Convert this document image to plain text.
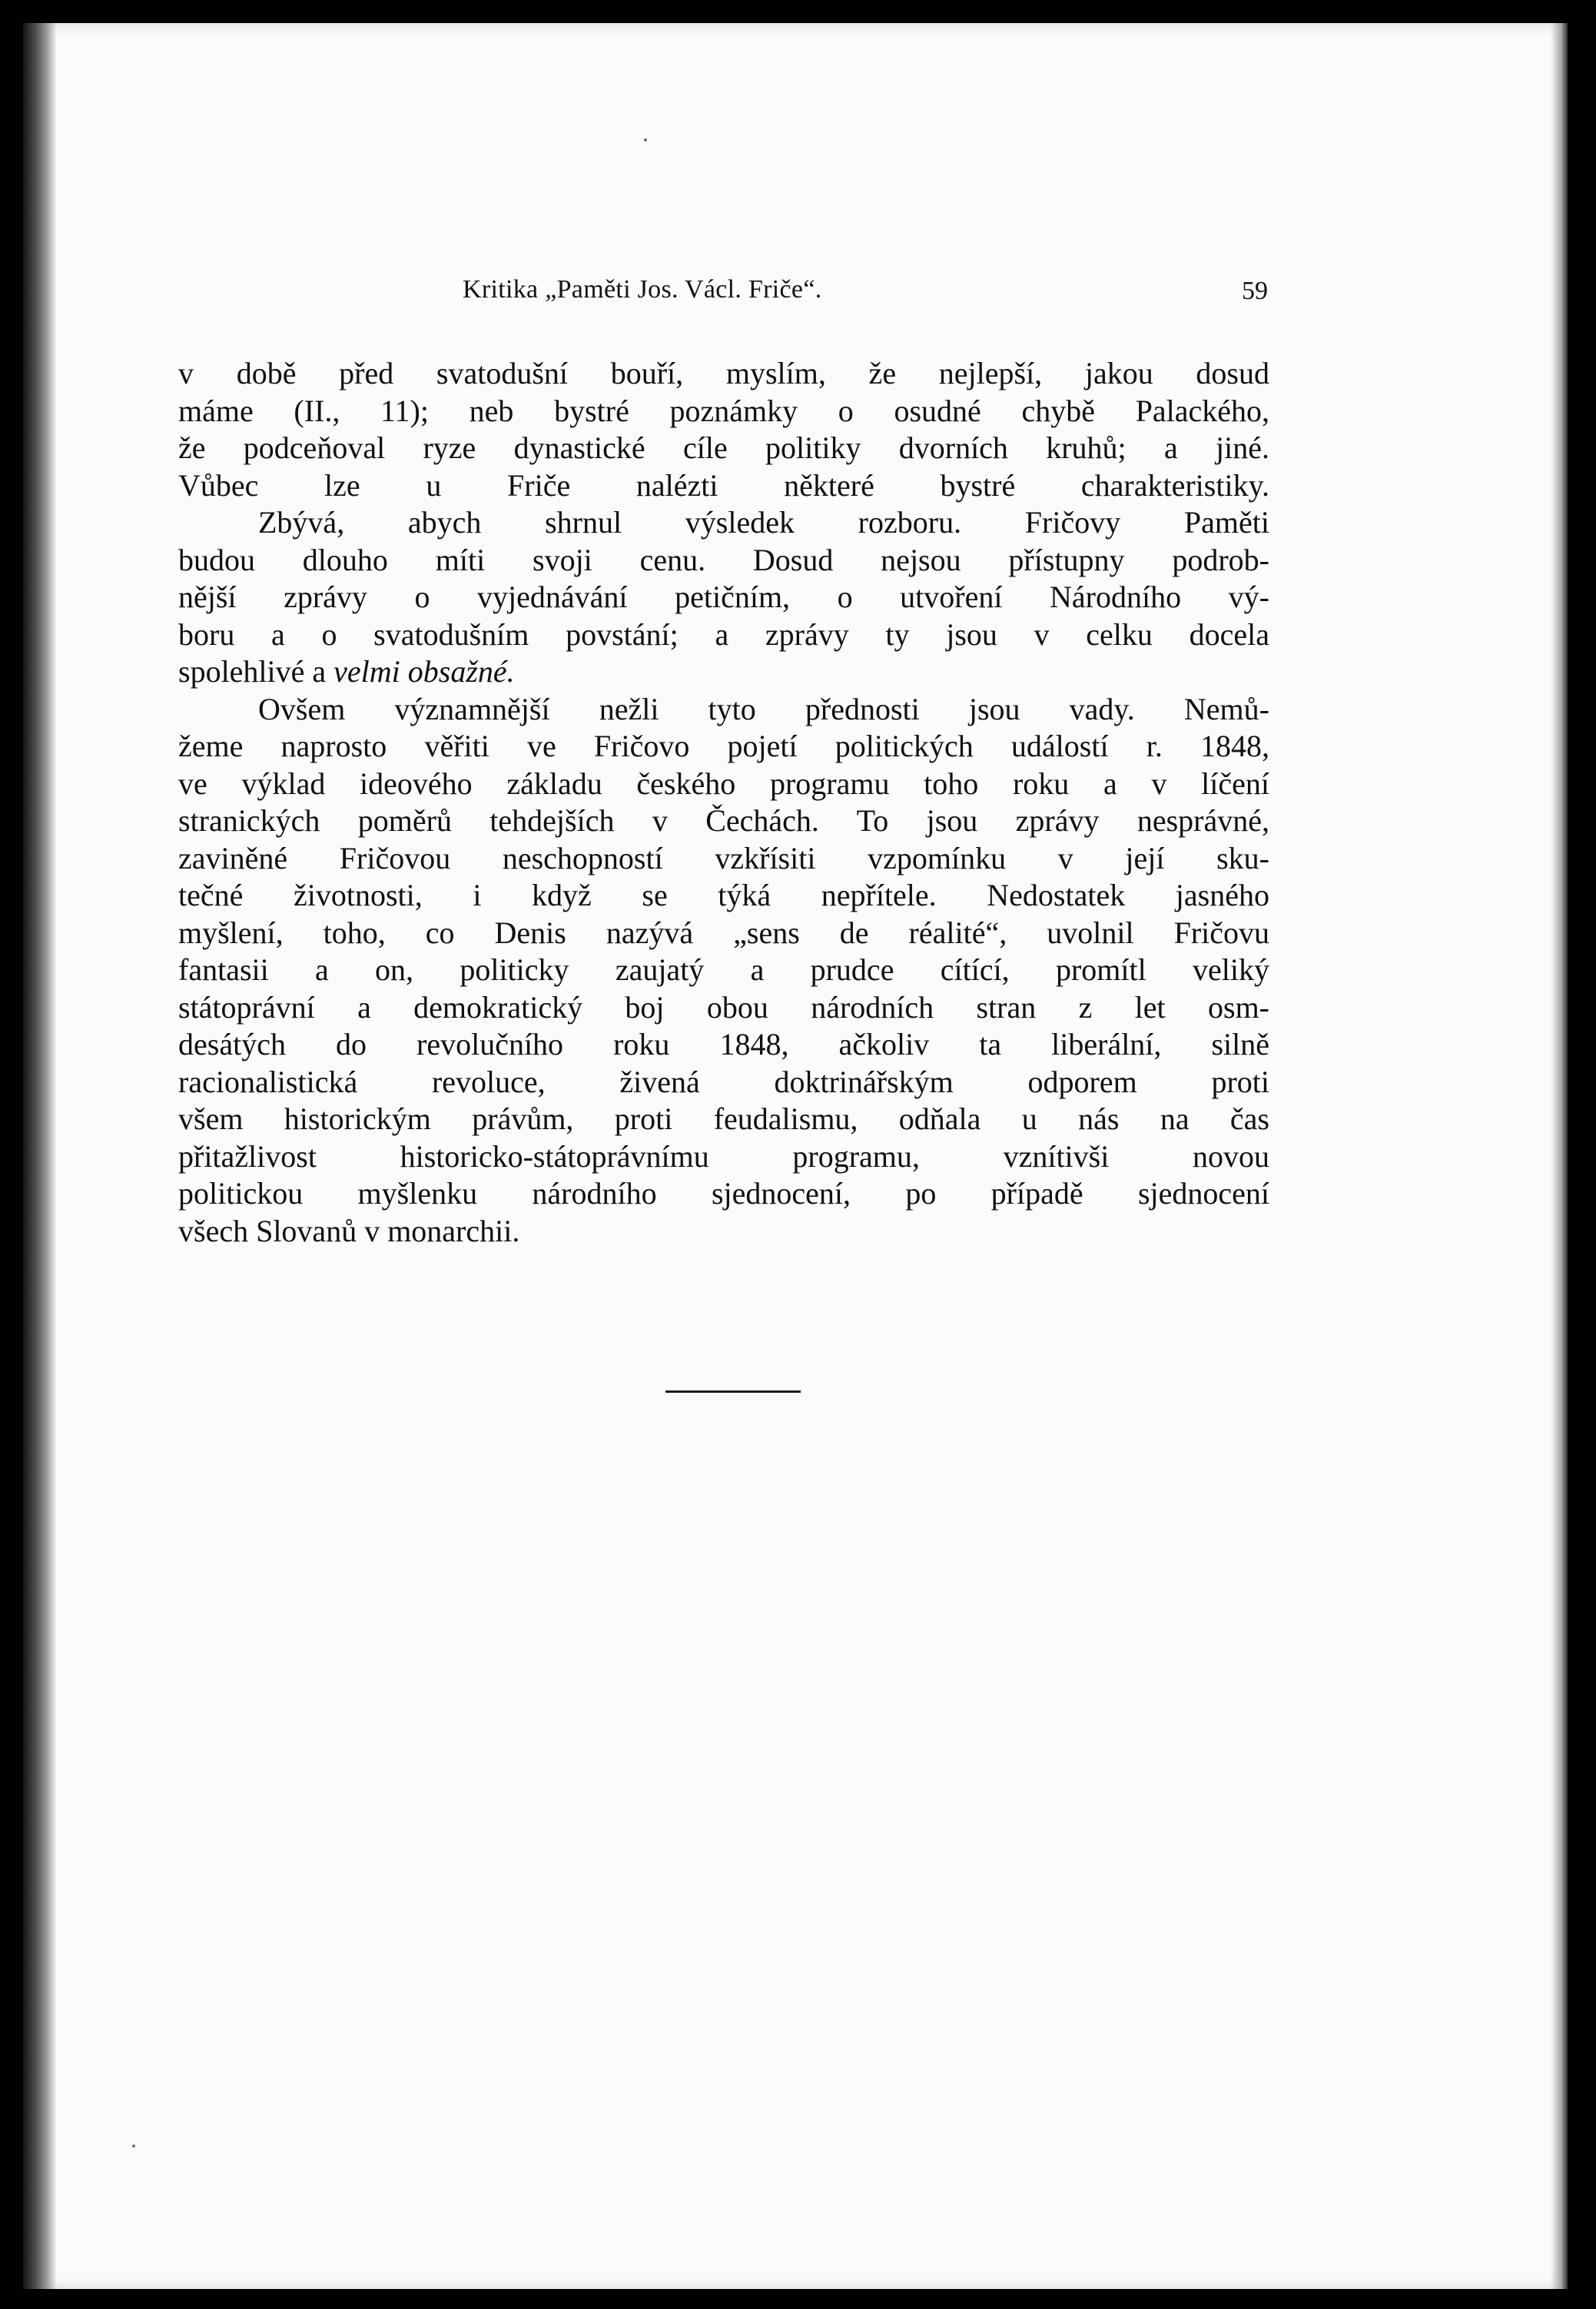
Kritika „Paměti Jos. Václ. Friče“.	59
v době před svatodušní bouří, myslím, že nejlepší, jakou dosud
máme (II., 11); neb bystré poznámky o osudné chybě Palackého,
že podceňoval ryze dynastické cíle politiky dvorních kruhů; a jiné.
Vůbec lze u Friče nalézti některé bystré charakteristiky.
Zbývá, abych shrnul výsledek rozboru. Fričovy Paměti
budou dlouho míti svoji cenu. Dosud nejsou přístupny podrob-
nější zprávy o vyjednávání petičním, o utvoření Národního vý-
boru a o svatodušním povstání; a zprávy ty jsou v celku docela
spolehlivé a velmi obsažné.
Ovšem významnější nežli tyto přednosti jsou vady. Nemů-
žeme naprosto věřiti ve Fričovo pojetí politických událostí r. 1848,
ve výklad ideového základu českého programu toho roku a v líčení
stranických poměrů tehdejších v Čechách. To jsou zprávy nesprávné,
zaviněné Fričovou neschopností vzkřísiti vzpomínku v její sku-
tečné životnosti, i když se týká nepřítele. Nedostatek jasného
myšlení, toho, co Denis nazývá „sens de réalité“, uvolnil Fričovu
fantasii a on, politicky zaujatý a prudce cítící, promítl veliký
státoprávní a demokratický boj obou národních stran z let osm-
desátých do revolučního roku 1848, ačkoliv ta liberální, silně
racionalistická revoluce, živená doktrinářským odporem proti
všem historickým právům, proti feudalismu, odňala u nás na čas
přitažlivost historicko-státoprávnímu programu, vznítivši novou
politickou myšlenku národního sjednocení, po případě sjednocení
všech Slovanů v monarchii.
